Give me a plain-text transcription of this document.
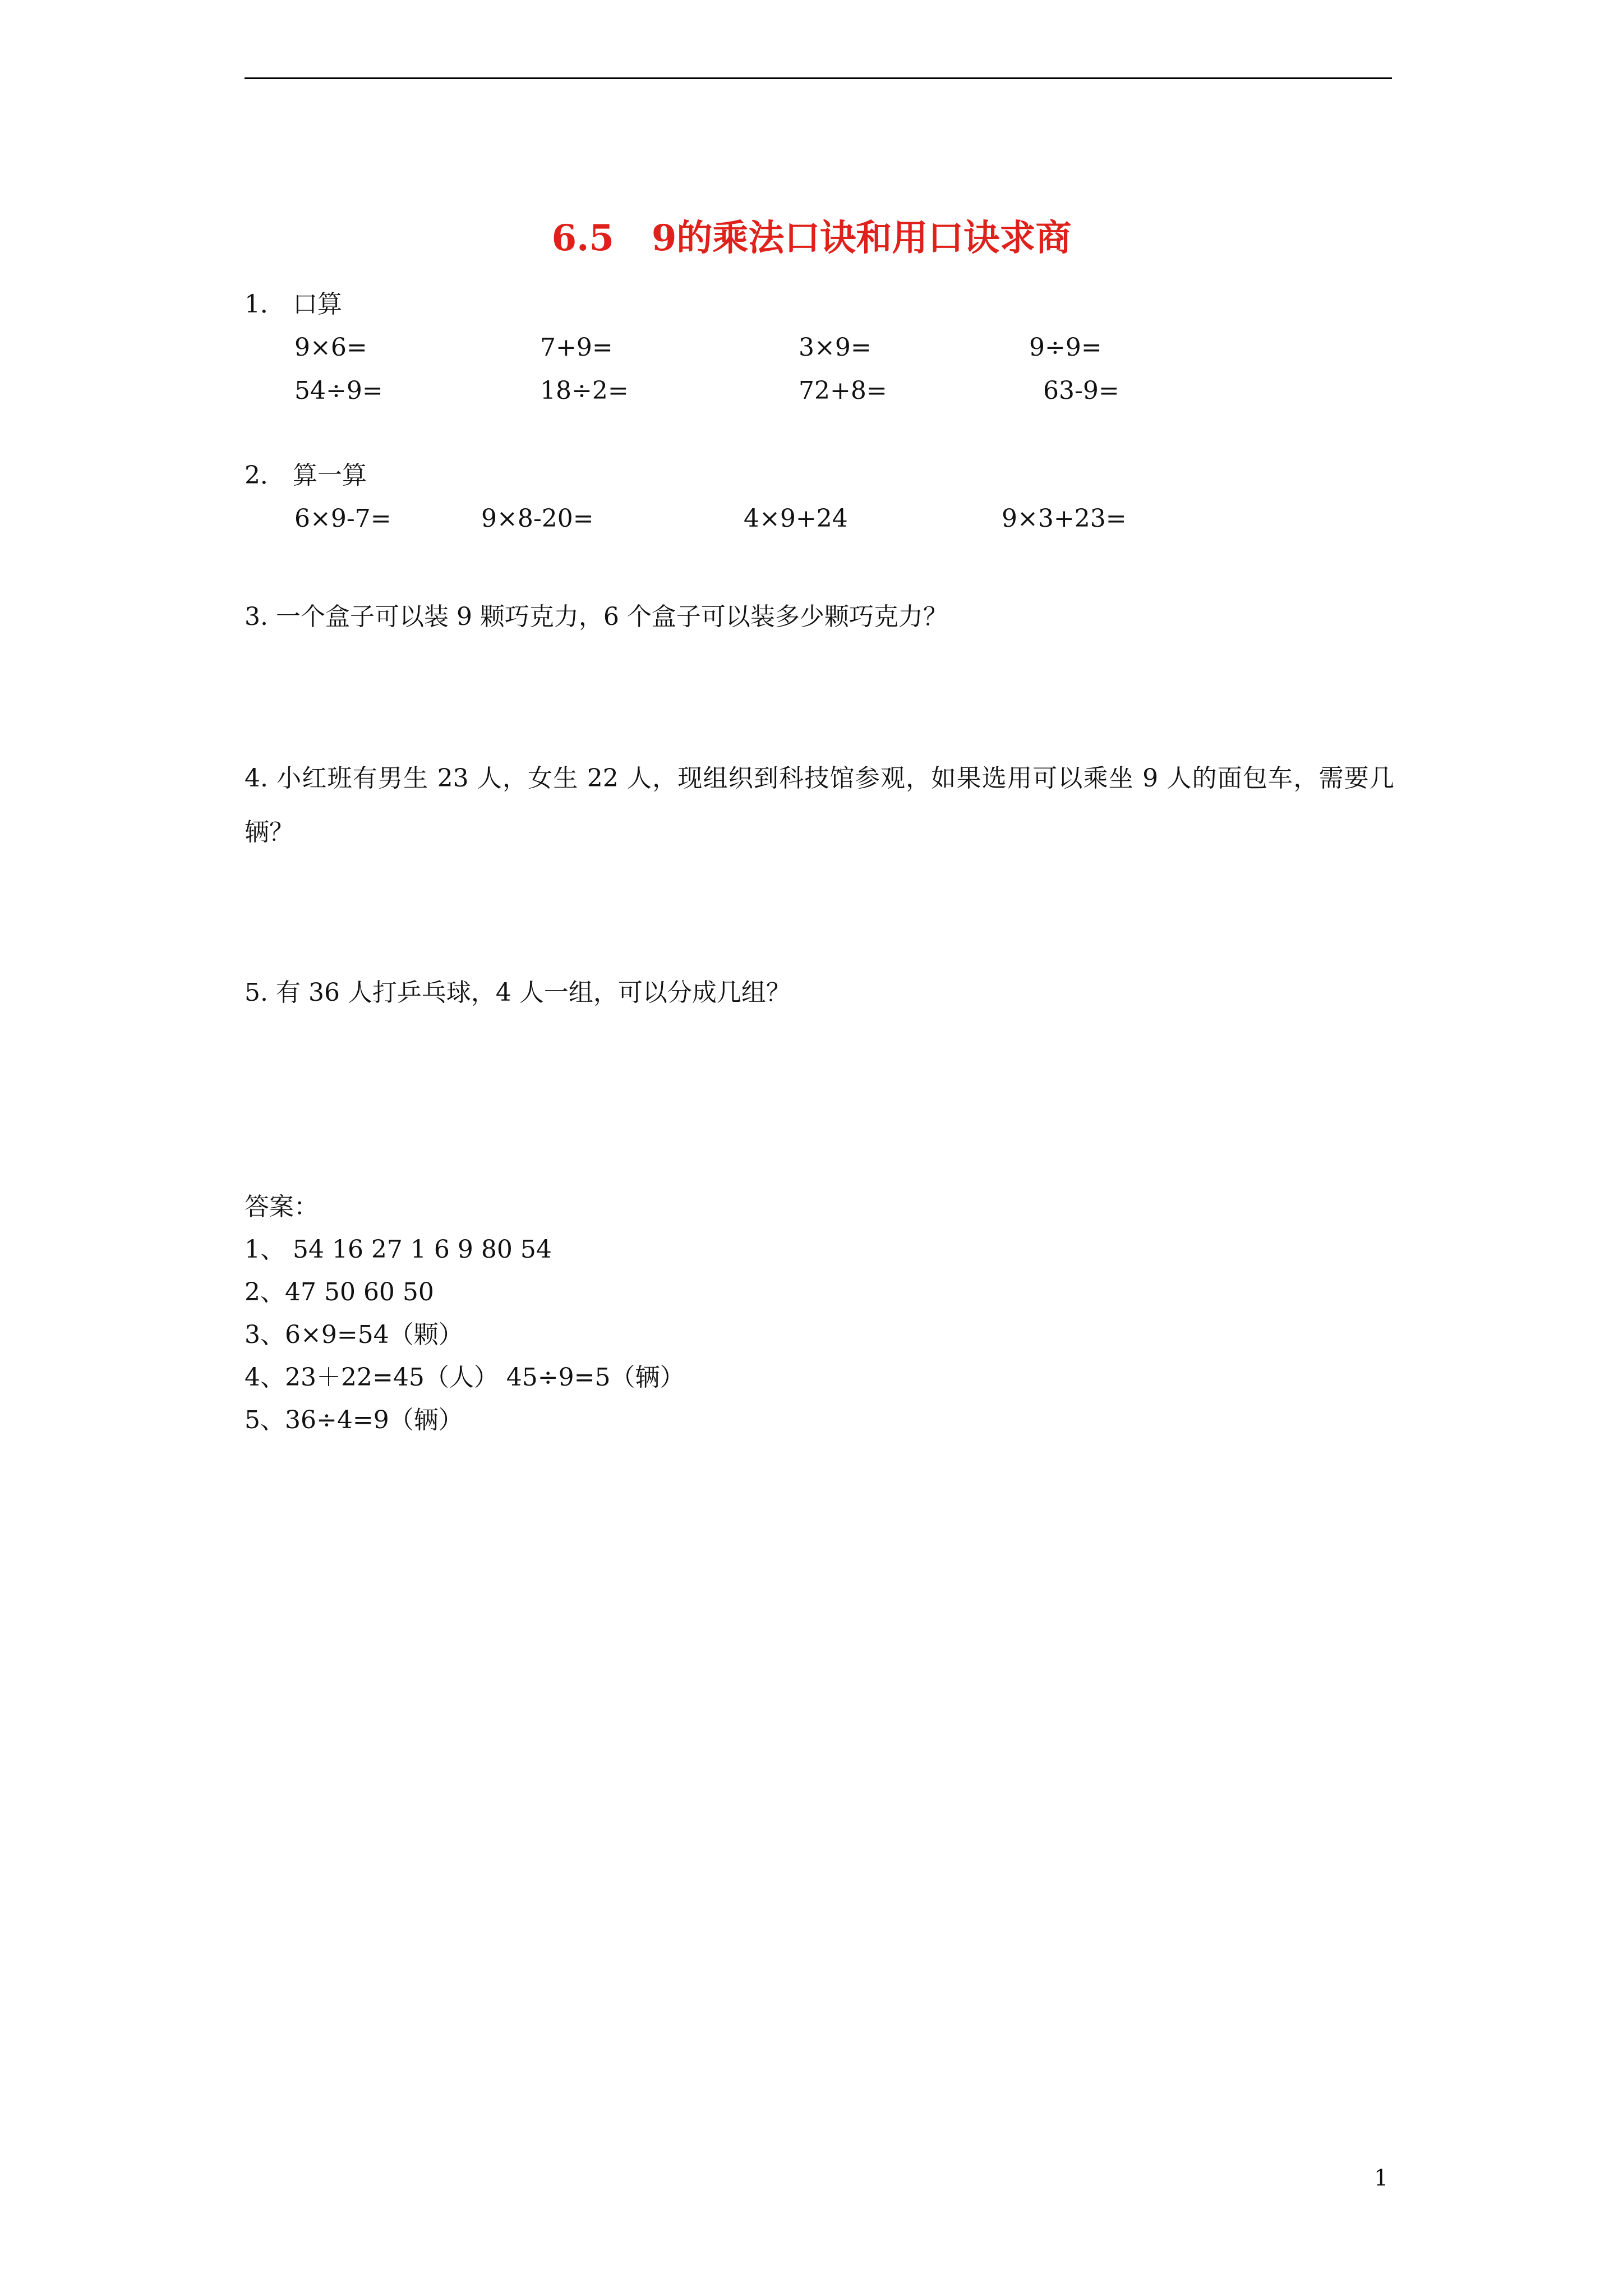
6.5   9的乘法口诀和用口诀求商
1． 口算
9×6=	7+9=	3×9=	9÷9=
54÷9=	18÷2=	72+8=	63-9=
2． 算一算
6×9-7=	9×8-20=	4×9+24	9×3+23=
3. 一个盒子可以装 9 颗巧克力，6 个盒子可以装多少颗巧克力？
4. 小红班有男生 23 人，女生 22 人，现组织到科技馆参观，如果选用可以乘坐 9 人的面包车，需要几辆？
5. 有 36 人打乒乓球，4 人一组，可以分成几组？
答案：
1、 54 16 27 1 6 9 80 54
2、47 50 60 50
3、6×9=54（颗）
4、23＋22=45（人） 45÷9=5（辆）
5、36÷4=9（辆）
1
